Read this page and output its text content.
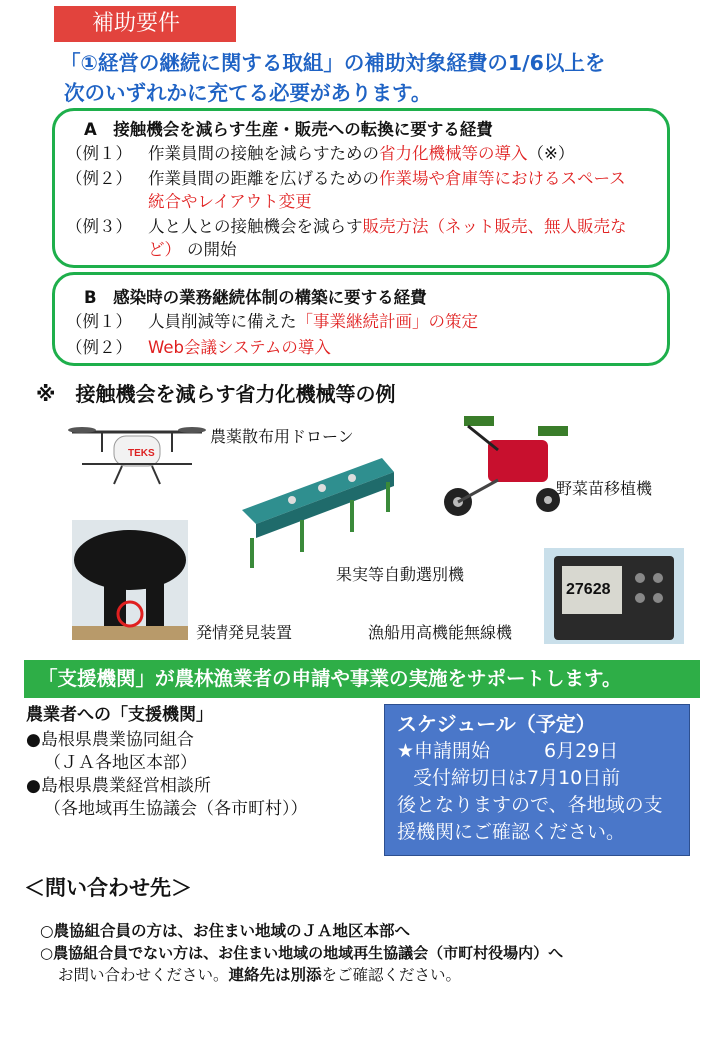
補助要件
「①経営の継続に関する取組」の補助対象経費の1/6以上を
次のいずれかに充てる必要があります。
A　接触機会を減らす生産・販売への転換に要する経費
（例１） 作業員間の接触を減らすための省力化機械等の導入（※）
（例２） 作業員間の距離を広げるための作業場や倉庫等におけるスペース
統合やレイアウト変更
（例３） 人と人との接触機会を減らす販売方法（ネット販売、無人販売な
ど） の開始
B　感染時の業務継続体制の構築に要する経費
（例１） 人員削減等に備えた「事業継続計画」の策定
（例２） Web会議システムの導入
※　接触機会を減らす省力化機械等の例
TEKS
農薬散布用ドローン
野菜苗移植機
果実等自動選別機
発情発見装置
27628
漁船用高機能無線機
「支援機関」が農林漁業者の申請や事業の実施をサポートします。
農業者への「支援機関」
●島根県農業協同組合
（ＪＡ各地区本部）
●島根県農業経営相談所
（各地域再生協議会（各市町村））
スケジュール（予定）
★申請開始	6月29日
受付締切日は7月10日前
後となりますので、各地域の支
援機関にご確認ください。
＜問い合わせ先＞
○農協組合員の方は、お住まい地域のＪＡ地区本部へ
○農協組合員でない方は、お住まい地域の地域再生協議会（市町村役場内）へ
お問い合わせください。連絡先は別添をご確認ください。
